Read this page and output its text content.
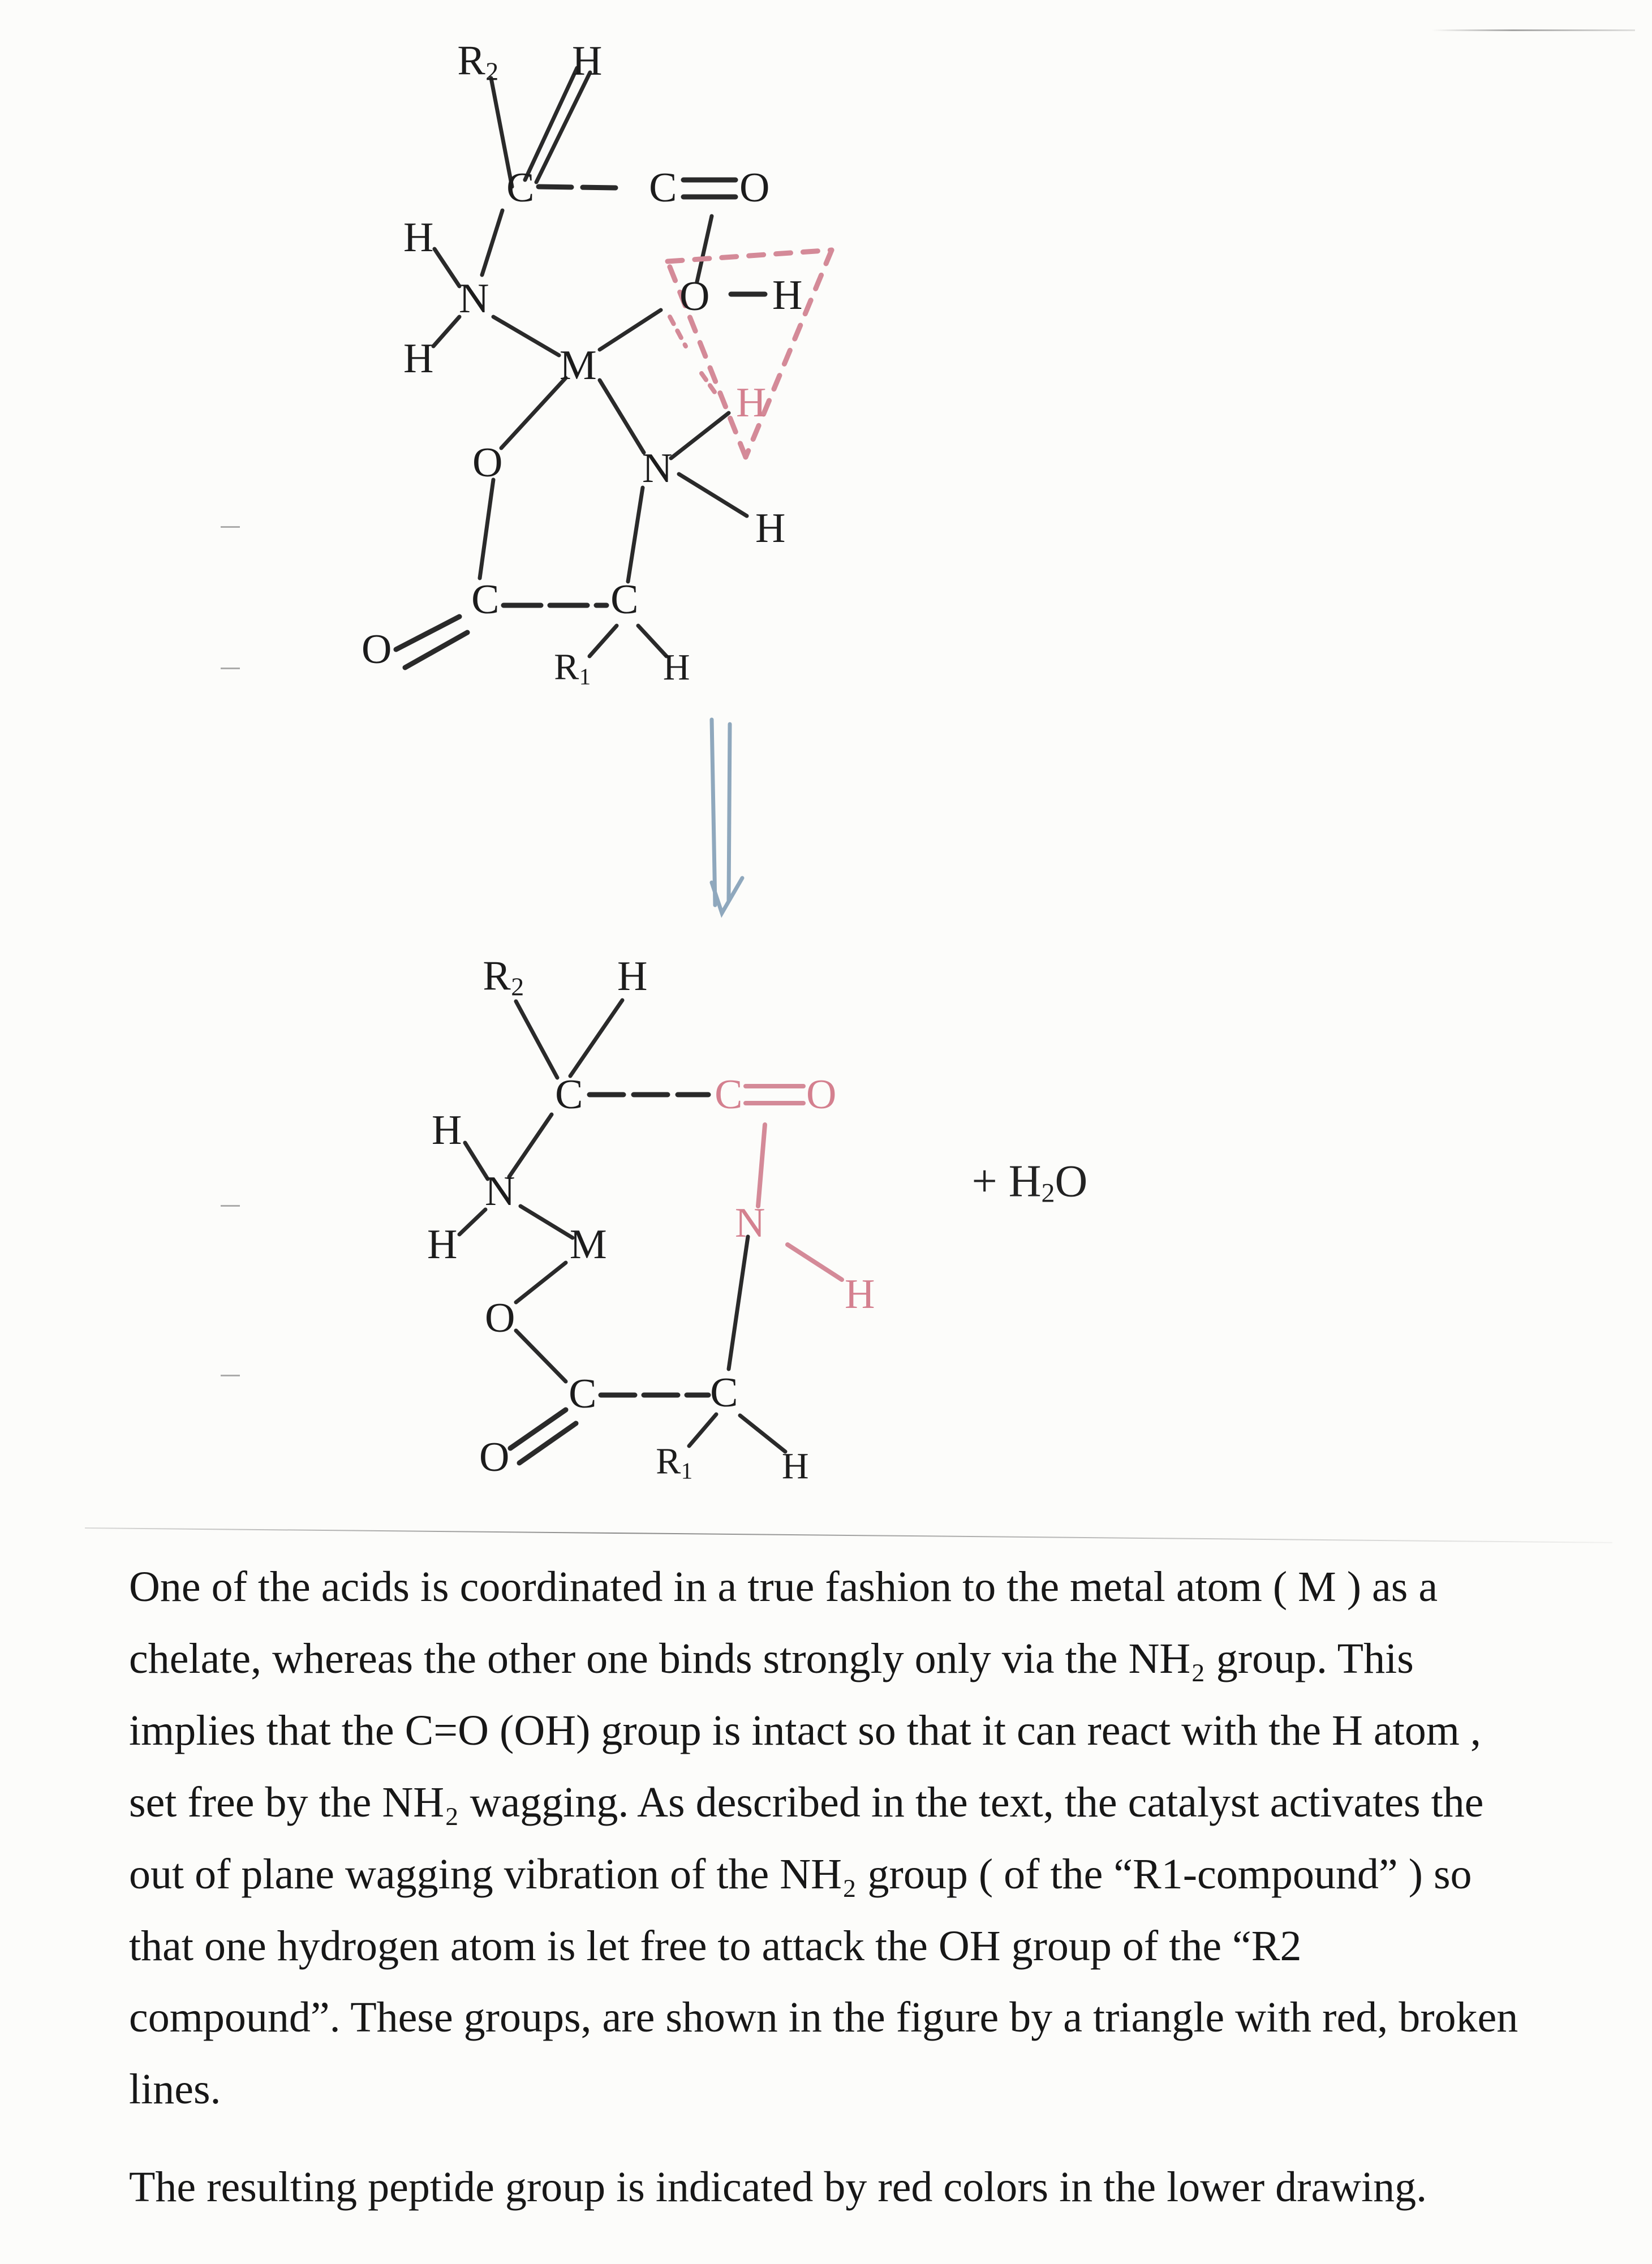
$R_2$ H
C	C O
H
N
H	M
O H
O	N
H
H
C	C
O	$R_1$ H
$R_2$ H
C	C O
H
N
H	M	N
H
O
C	C
O	$R_1$ H
+ $H_2O$

One of the acids is coordinated in a true fashion to the metal atom ( M ) as a
chelate, whereas the other one binds strongly only via the NH₂ group. This
implies that the C=O (OH) group is intact so that it can react with the H atom ,
set free by the NH₂ wagging. As described in the text, the catalyst activates the
out of plane wagging vibration of the NH₂ group ( of the “R1-compound” ) so
that one hydrogen atom is let free to attack the OH group of the “R2
compound”. These groups, are shown in the figure by a triangle with red, broken
lines.

The resulting peptide group is indicated by red colors in the lower drawing.
